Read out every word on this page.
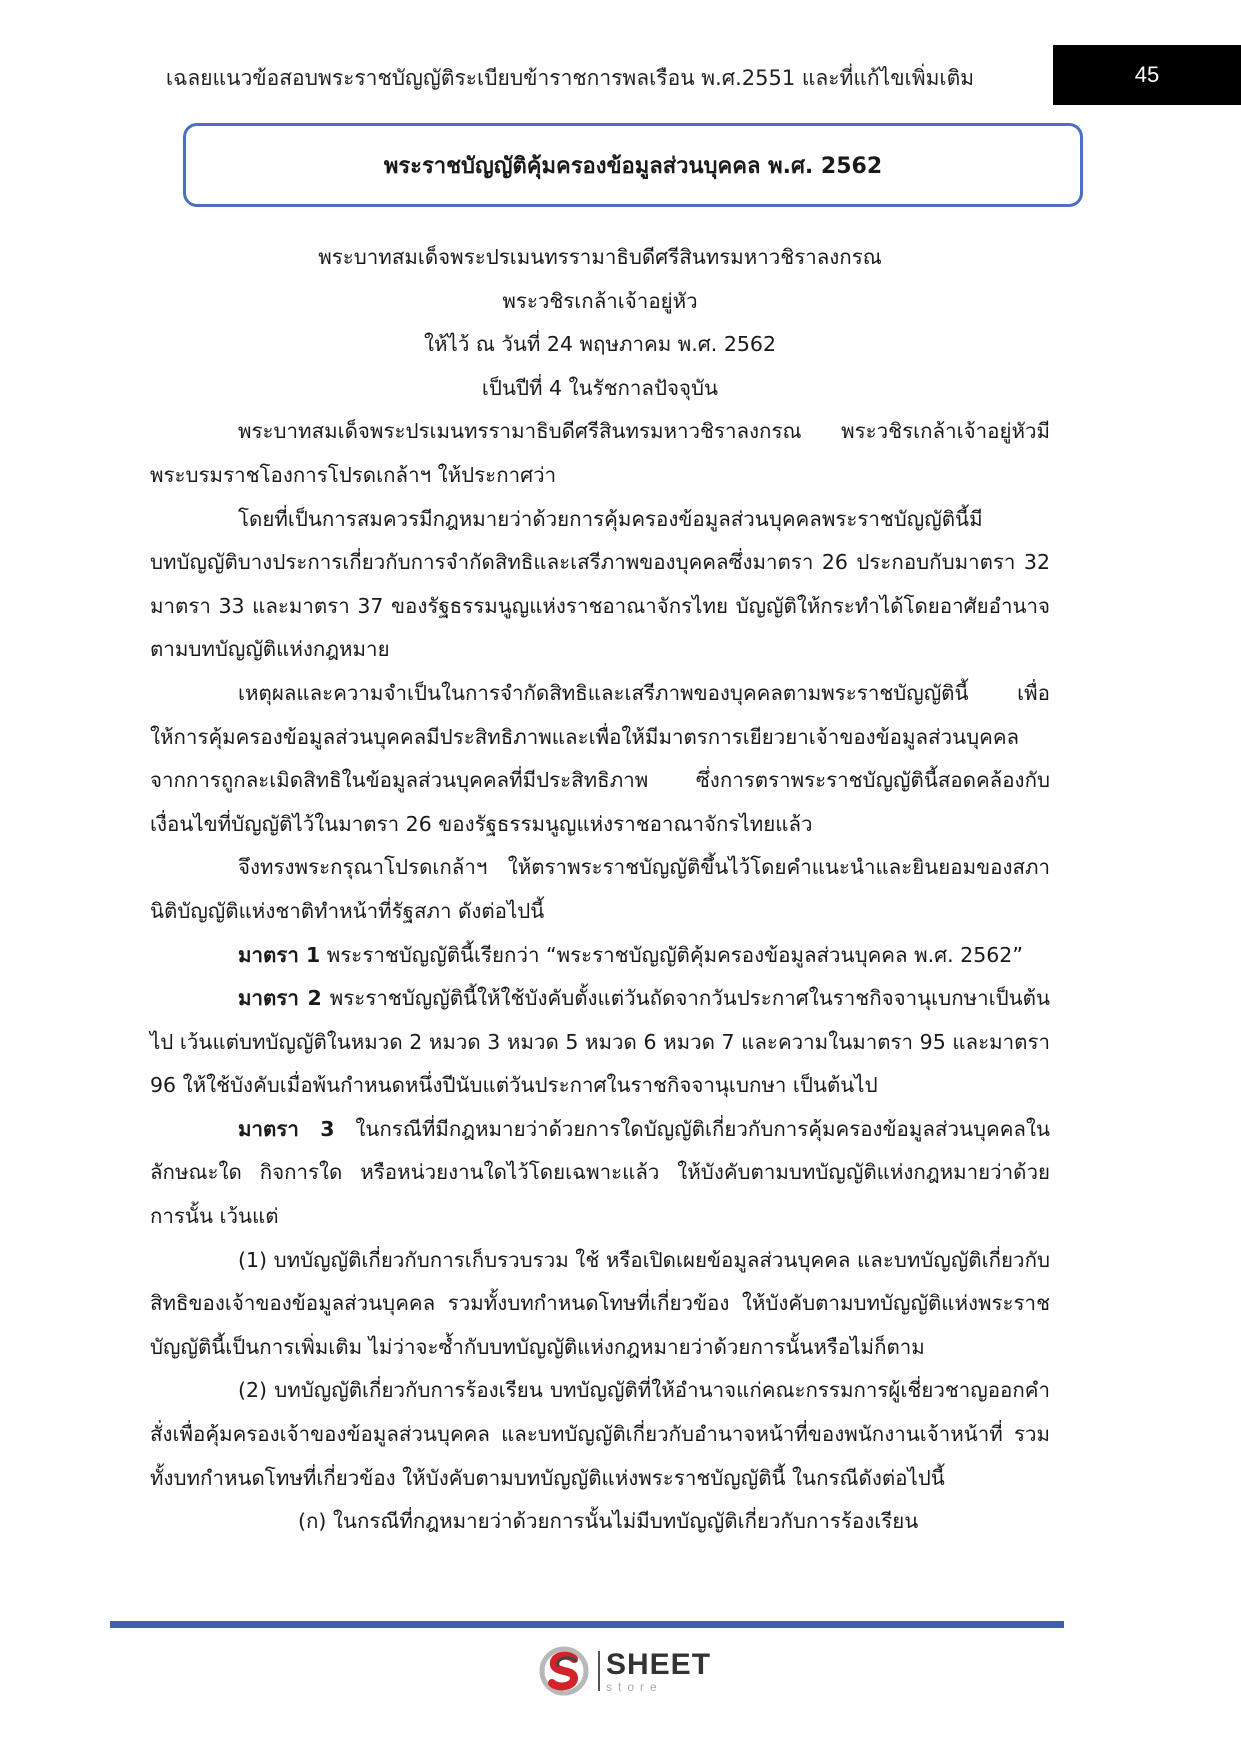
เฉลยแนวข้อสอบพระราชบัญญัติระเบียบข้าราชการพลเรือน พ.ศ.2551 และที่แก้ไขเพิ่มเติม	45
พระราชบัญญัติคุ้มครองข้อมูลส่วนบุคคล พ.ศ. 2562
พระบาทสมเด็จพระปรเมนทรรามาธิบดีศรีสินทรมหาวชิราลงกรณ
พระวชิรเกล้าเจ้าอยู่หัว
ให้ไว้ ณ วันที่ 24 พฤษภาคม พ.ศ. 2562
เป็นปีที่ 4 ในรัชกาลปัจจุบัน

พระบาทสมเด็จพระปรเมนทรรามาธิบดีศรีสินทรมหาวชิราลงกรณ พระวชิรเกล้าเจ้าอยู่หัวมีพระบรมราชโองการโปรดเกล้าฯ ให้ประกาศว่า

โดยที่เป็นการสมควรมีกฎหมายว่าด้วยการคุ้มครองข้อมูลส่วนบุคคลพระราชบัญญัตินี้มีบทบัญญัติบางประการเกี่ยวกับการจำกัดสิทธิและเสรีภาพของบุคคลซึ่งมาตรา 26 ประกอบกับมาตรา 32 มาตรา 33 และมาตรา 37 ของรัฐธรรมนูญแห่งราชอาณาจักรไทย บัญญัติให้กระทำได้โดยอาศัยอำนาจตามบทบัญญัติแห่งกฎหมาย

เหตุผลและความจำเป็นในการจำกัดสิทธิและเสรีภาพของบุคคลตามพระราชบัญญัตินี้ เพื่อให้การคุ้มครองข้อมูลส่วนบุคคลมีประสิทธิภาพและเพื่อให้มีมาตรการเยียวยาเจ้าของข้อมูลส่วนบุคคลจากการถูกละเมิดสิทธิในข้อมูลส่วนบุคคลที่มีประสิทธิภาพ ซึ่งการตราพระราชบัญญัตินี้สอดคล้องกับเงื่อนไขที่บัญญัติไว้ในมาตรา 26 ของรัฐธรรมนูญแห่งราชอาณาจักรไทยแล้ว

จึงทรงพระกรุณาโปรดเกล้าฯ ให้ตราพระราชบัญญัติขึ้นไว้โดยคำแนะนำและยินยอมของสภานิติบัญญัติแห่งชาติทำหน้าที่รัฐสภา ดังต่อไปนี้

มาตรา 1 พระราชบัญญัตินี้เรียกว่า “พระราชบัญญัติคุ้มครองข้อมูลส่วนบุคคล พ.ศ. 2562”

มาตรา 2 พระราชบัญญัตินี้ให้ใช้บังคับตั้งแต่วันถัดจากวันประกาศในราชกิจจานุเบกษาเป็นต้นไป เว้นแต่บทบัญญัติในหมวด 2 หมวด 3 หมวด 5 หมวด 6 หมวด 7 และความในมาตรา 95 และมาตรา 96 ให้ใช้บังคับเมื่อพ้นกำหนดหนึ่งปีนับแต่วันประกาศในราชกิจจานุเบกษา เป็นต้นไป

มาตรา 3 ในกรณีที่มีกฎหมายว่าด้วยการใดบัญญัติเกี่ยวกับการคุ้มครองข้อมูลส่วนบุคคลในลักษณะใด กิจการใด หรือหน่วยงานใดไว้โดยเฉพาะแล้ว ให้บังคับตามบทบัญญัติแห่งกฎหมายว่าด้วยการนั้น เว้นแต่

(1) บทบัญญัติเกี่ยวกับการเก็บรวบรวม ใช้ หรือเปิดเผยข้อมูลส่วนบุคคล และบทบัญญัติเกี่ยวกับสิทธิของเจ้าของข้อมูลส่วนบุคคล รวมทั้งบทกำหนดโทษที่เกี่ยวข้อง ให้บังคับตามบทบัญญัติแห่งพระราชบัญญัตินี้เป็นการเพิ่มเติม ไม่ว่าจะซ้ำกับบทบัญญัติแห่งกฎหมายว่าด้วยการนั้นหรือไม่ก็ตาม

(2) บทบัญญัติเกี่ยวกับการร้องเรียน บทบัญญัติที่ให้อำนาจแก่คณะกรรมการผู้เชี่ยวชาญออกคำสั่งเพื่อคุ้มครองเจ้าของข้อมูลส่วนบุคคล และบทบัญญัติเกี่ยวกับอำนาจหน้าที่ของพนักงานเจ้าหน้าที่ รวมทั้งบทกำหนดโทษที่เกี่ยวข้อง ให้บังคับตามบทบัญญัติแห่งพระราชบัญญัตินี้ ในกรณีดังต่อไปนี้

(ก) ในกรณีที่กฎหมายว่าด้วยการนั้นไม่มีบทบัญญัติเกี่ยวกับการร้องเรียน

SHEET
store
